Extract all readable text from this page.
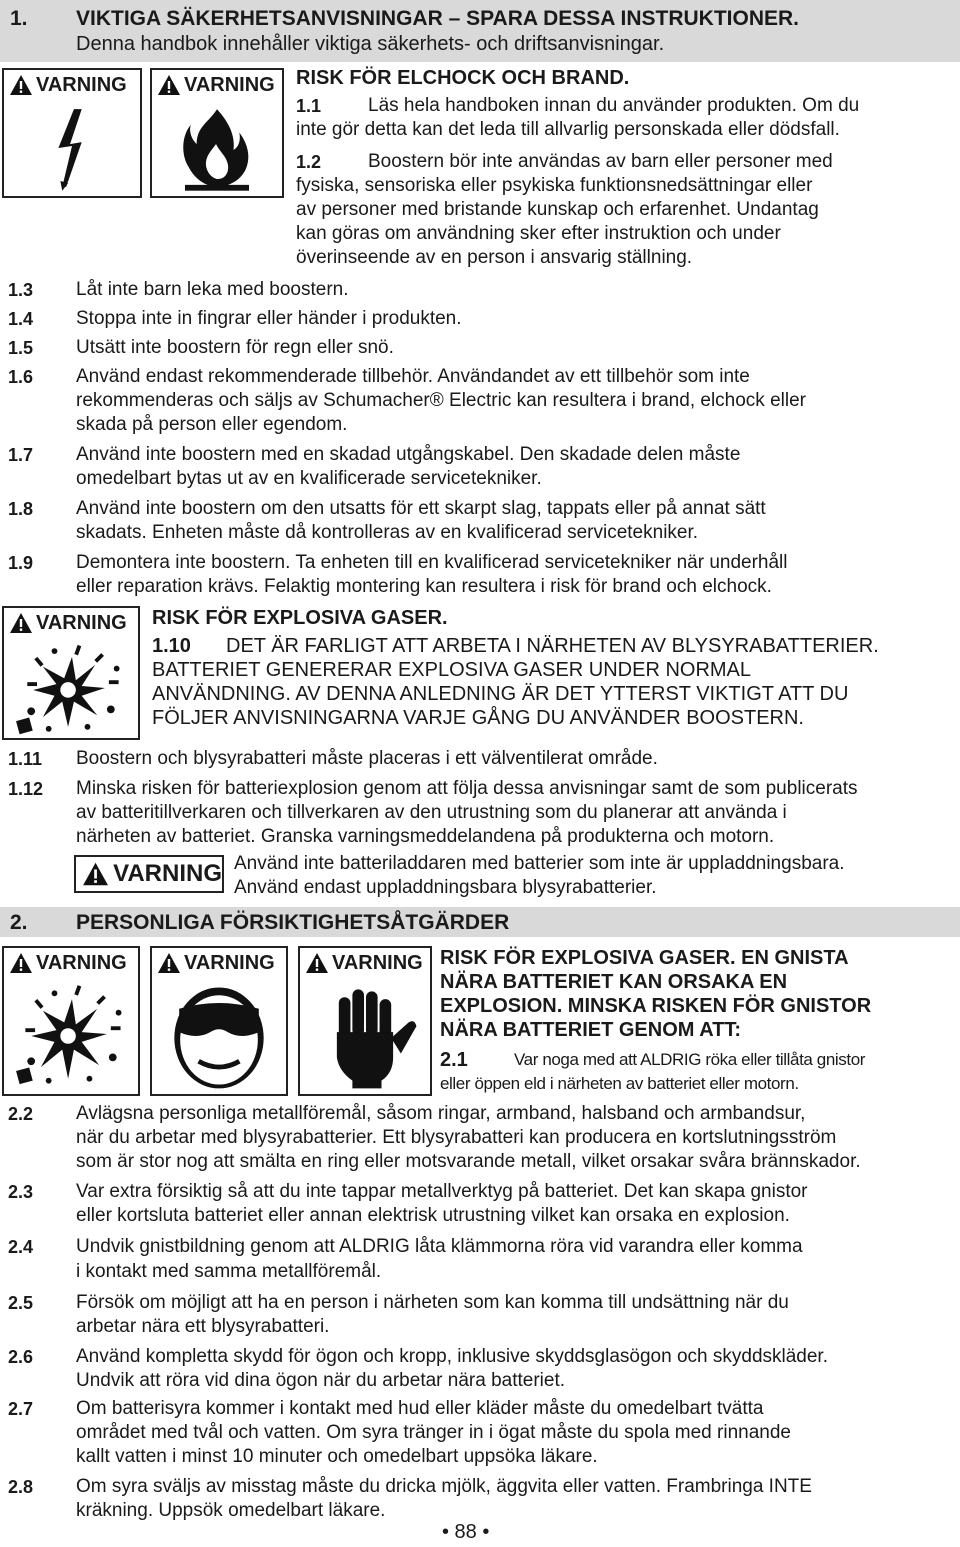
1. VIKTIGA SÄKERHETSANVISNINGAR – SPARA DESSA INSTRUKTIONER.
Denna handbok innehåller viktiga säkerhets- och driftsanvisningar.
VARNING	VARNING RISK FÖR ELCHOCK OCH BRAND.
1.1 Läs hela handboken innan du använder produkten. Om du
inte gör detta kan det leda till allvarlig personskada eller dödsfall.
1.2 Boostern bör inte användas av barn eller personer med
fysiska, sensoriska eller psykiska funktionsnedsättningar eller
av personer med bristande kunskap och erfarenhet. Undantag
kan göras om användning sker efter instruktion och under
överinseende av en person i ansvarig ställning.
1.3 Låt inte barn leka med boostern.
1.4 Stoppa inte in fingrar eller händer i produkten.
1.5 Utsätt inte boostern för regn eller snö.
1.6 Använd endast rekommenderade tillbehör. Användandet av ett tillbehör som inte
rekommenderas och säljs av Schumacher® Electric kan resultera i brand, elchock eller
skada på person eller egendom.
1.7 Använd inte boostern med en skadad utgångskabel. Den skadade delen måste
omedelbart bytas ut av en kvalificerade servicetekniker.
1.8 Använd inte boostern om den utsatts för ett skarpt slag, tappats eller på annat sätt
skadats. Enheten måste då kontrolleras av en kvalificerad servicetekniker.
1.9 Demontera inte boostern. Ta enheten till en kvalificerad servicetekniker när underhåll
eller reparation krävs. Felaktig montering kan resultera i risk för brand och elchock.
VARNING RISK FÖR EXPLOSIVA GASER.
1.10 DET ÄR FARLIGT ATT ARBETA I NÄRHETEN AV BLYSYRABATTERIER.
BATTERIET GENERERAR EXPLOSIVA GASER UNDER NORMAL
ANVÄNDNING. AV DENNA ANLEDNING ÄR DET YTTERST VIKTIGT ATT DU
FÖLJER ANVISNINGARNA VARJE GÅNG DU ANVÄNDER BOOSTERN.
1.11 Boostern och blysyrabatteri måste placeras i ett välventilerat område.
1.12 Minska risken för batteriexplosion genom att följa dessa anvisningar samt de som publicerats
av batteritillverkaren och tillverkaren av den utrustning som du planerar att använda i
närheten av batteriet. Granska varningsmeddelandena på produkterna och motorn.
VARNING Använd inte batteriladdaren med batterier som inte är uppladdningsbara.
Använd endast uppladdningsbara blysyrabatterier.
2. PERSONLIGA FÖRSIKTIGHETSÅTGÄRDER
VARNING	VARNING	VARNING RISK FÖR EXPLOSIVA GASER. EN GNISTA
NÄRA BATTERIET KAN ORSAKA EN
EXPLOSION. MINSKA RISKEN FÖR GNISTOR
NÄRA BATTERIET GENOM ATT:
2.1	Var noga med att ALDRIG röka eller tillåta gnistor
eller öppen eld i närheten av batteriet eller motorn.
2.2 Avlägsna personliga metallföremål, såsom ringar, armband, halsband och armbandsur,
när du arbetar med blysyrabatterier. Ett blysyrabatteri kan producera en kortslutningsström
som är stor nog att smälta en ring eller motsvarande metall, vilket orsakar svåra brännskador.
2.3 Var extra försiktig så att du inte tappar metallverktyg på batteriet. Det kan skapa gnistor
eller kortsluta batteriet eller annan elektrisk utrustning vilket kan orsaka en explosion.
2.4 Undvik gnistbildning genom att ALDRIG låta klämmorna röra vid varandra eller komma
i kontakt med samma metallföremål.
2.5 Försök om möjligt att ha en person i närheten som kan komma till undsättning när du
arbetar nära ett blysyrabatteri.
2.6 Använd kompletta skydd för ögon och kropp, inklusive skyddsglasögon och skyddskläder.
Undvik att röra vid dina ögon när du arbetar nära batteriet.
2.7 Om batterisyra kommer i kontakt med hud eller kläder måste du omedelbart tvätta
området med tvål och vatten. Om syra tränger in i ögat måste du spola med rinnande
kallt vatten i minst 10 minuter och omedelbart uppsöka läkare.
2.8 Om syra sväljs av misstag måste du dricka mjölk, äggvita eller vatten. Frambringa INTE
kräkning. Uppsök omedelbart läkare.
• 88 •
